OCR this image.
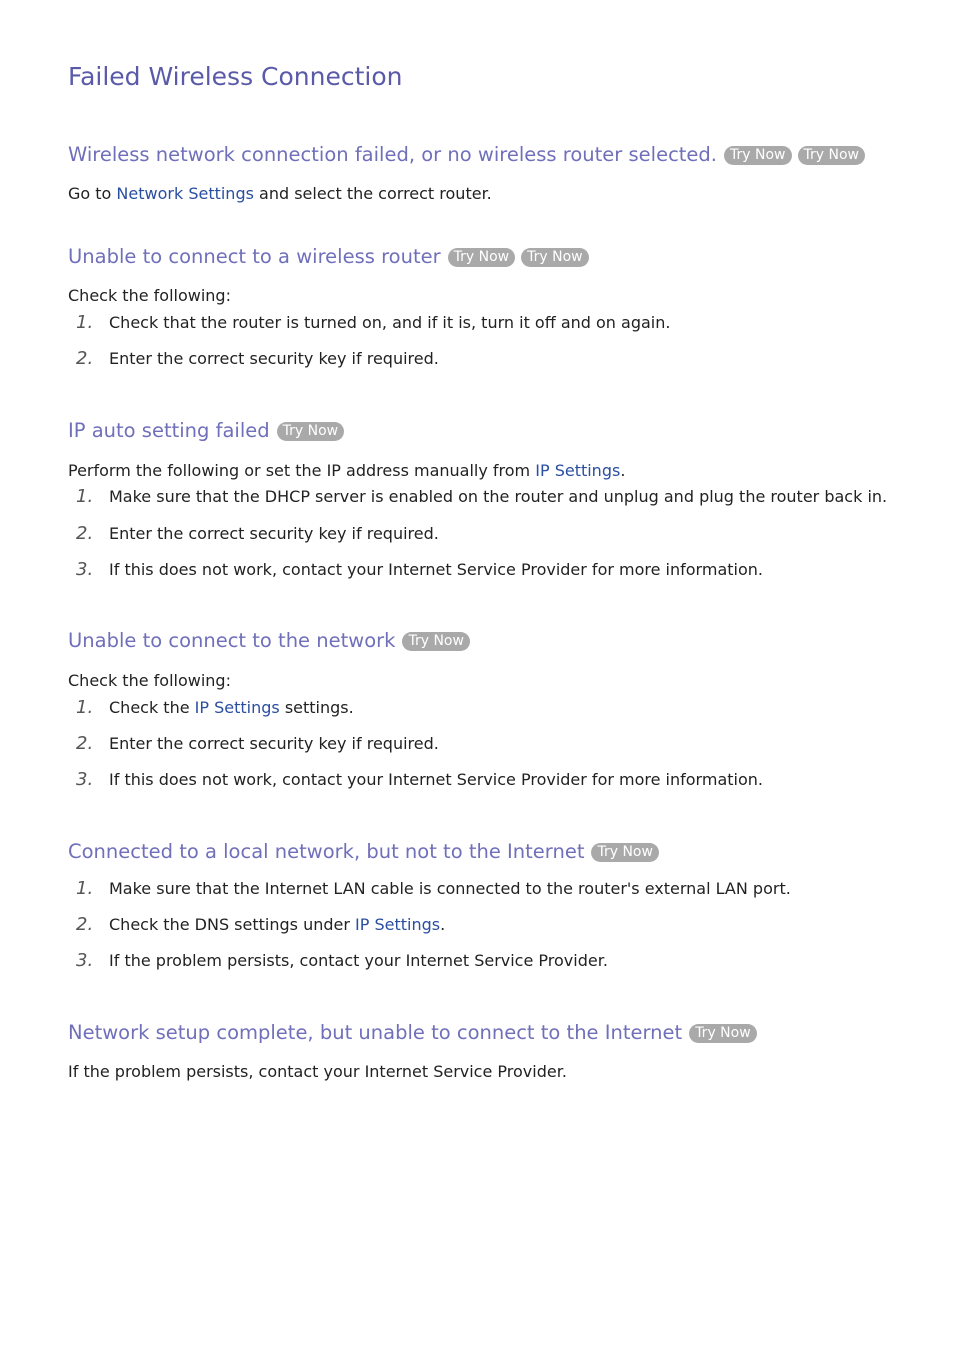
Failed Wireless Connection
Wireless network connection failed, or no wireless router selected. Try Now	Try Now
Go to Network Settings and select the correct router.
Unable to connect to a wireless router Try Now	Try Now
Check the following:
1. Check that the router is turned on, and if it is, turn it off and on again.
2. Enter the correct security key if required.
IP auto setting failed Try Now
Perform the following or set the IP address manually from IP Settings.
1. Make sure that the DHCP server is enabled on the router and unplug and plug the router back in.
2. Enter the correct security key if required.
3. If this does not work, contact your Internet Service Provider for more information.
Unable to connect to the network Try Now
Check the following:
1. Check the IP Settings settings.
2. Enter the correct security key if required.
3. If this does not work, contact your Internet Service Provider for more information.
Connected to a local network, but not to the Internet Try Now
1. Make sure that the Internet LAN cable is connected to the router's external LAN port.
2. Check the DNS settings under IP Settings.
3. If the problem persists, contact your Internet Service Provider.
Network setup complete, but unable to connect to the Internet Try Now
If the problem persists, contact your Internet Service Provider.
